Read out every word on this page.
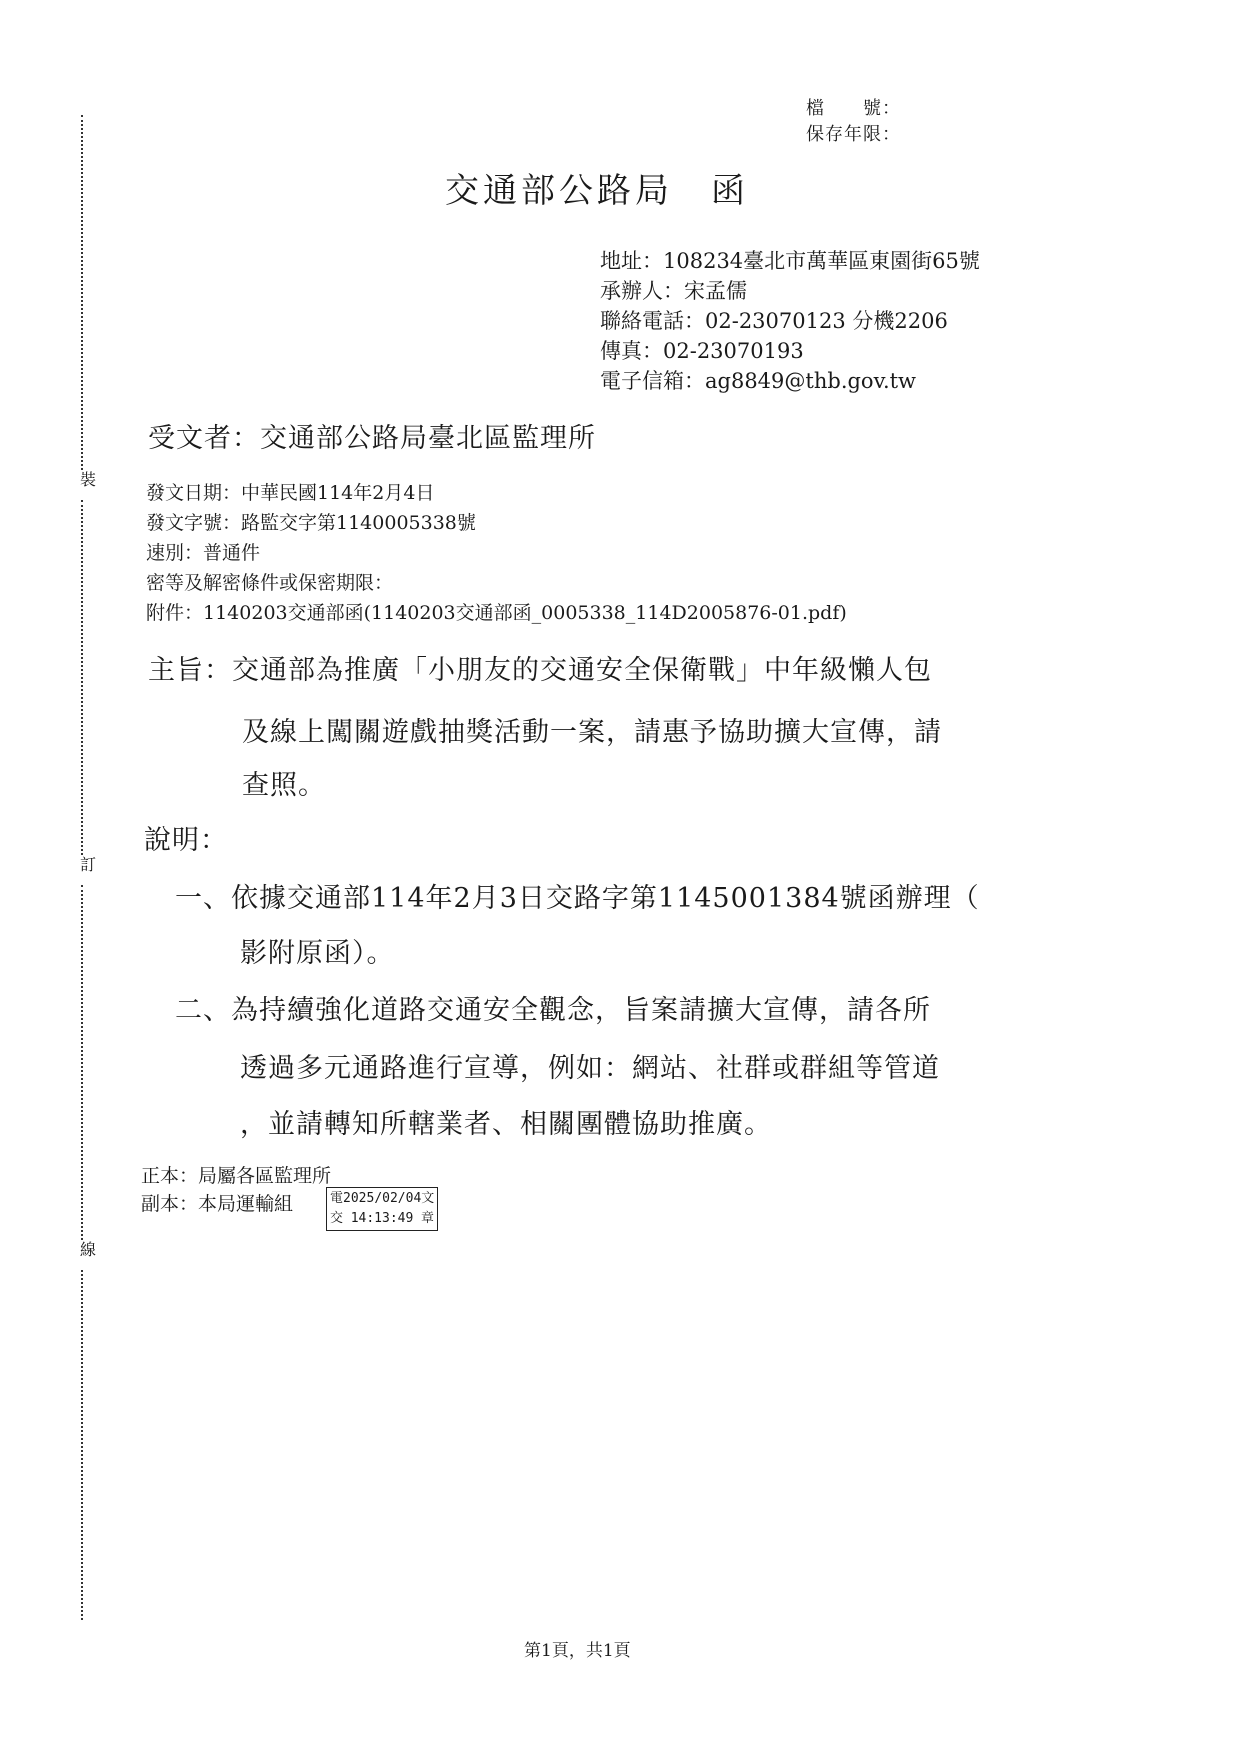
裝
訂
線
檔　　號：
保存年限：
交通部公路局　函
地址：108234臺北市萬華區東園街65號
承辦人：宋孟儒
聯絡電話：02-23070123 分機2206
傳真：02-23070193
電子信箱：ag8849@thb.gov.tw
受文者：交通部公路局臺北區監理所
發文日期：中華民國114年2月4日
發文字號：路監交字第1140005338號
速別：普通件
密等及解密條件或保密期限：
附件：1140203交通部函(1140203交通部函_0005338_114D2005876-01.pdf)
主旨：交通部為推廣「小朋友的交通安全保衛戰」中年級懶人包
及線上闖關遊戲抽獎活動一案，請惠予協助擴大宣傳，請
查照。
說明：
一、依據交通部114年2月3日交路字第1145001384號函辦理（
影附原函）。
二、為持續強化道路交通安全觀念，旨案請擴大宣傳，請各所
透過多元通路進行宣導，例如：網站、社群或群組等管道
，並請轉知所轄業者、相關團體協助推廣。
正本：局屬各區監理所
副本：本局運輸組	電 2025/02/04 文
交 14:13:49 章
第1頁，共1頁
